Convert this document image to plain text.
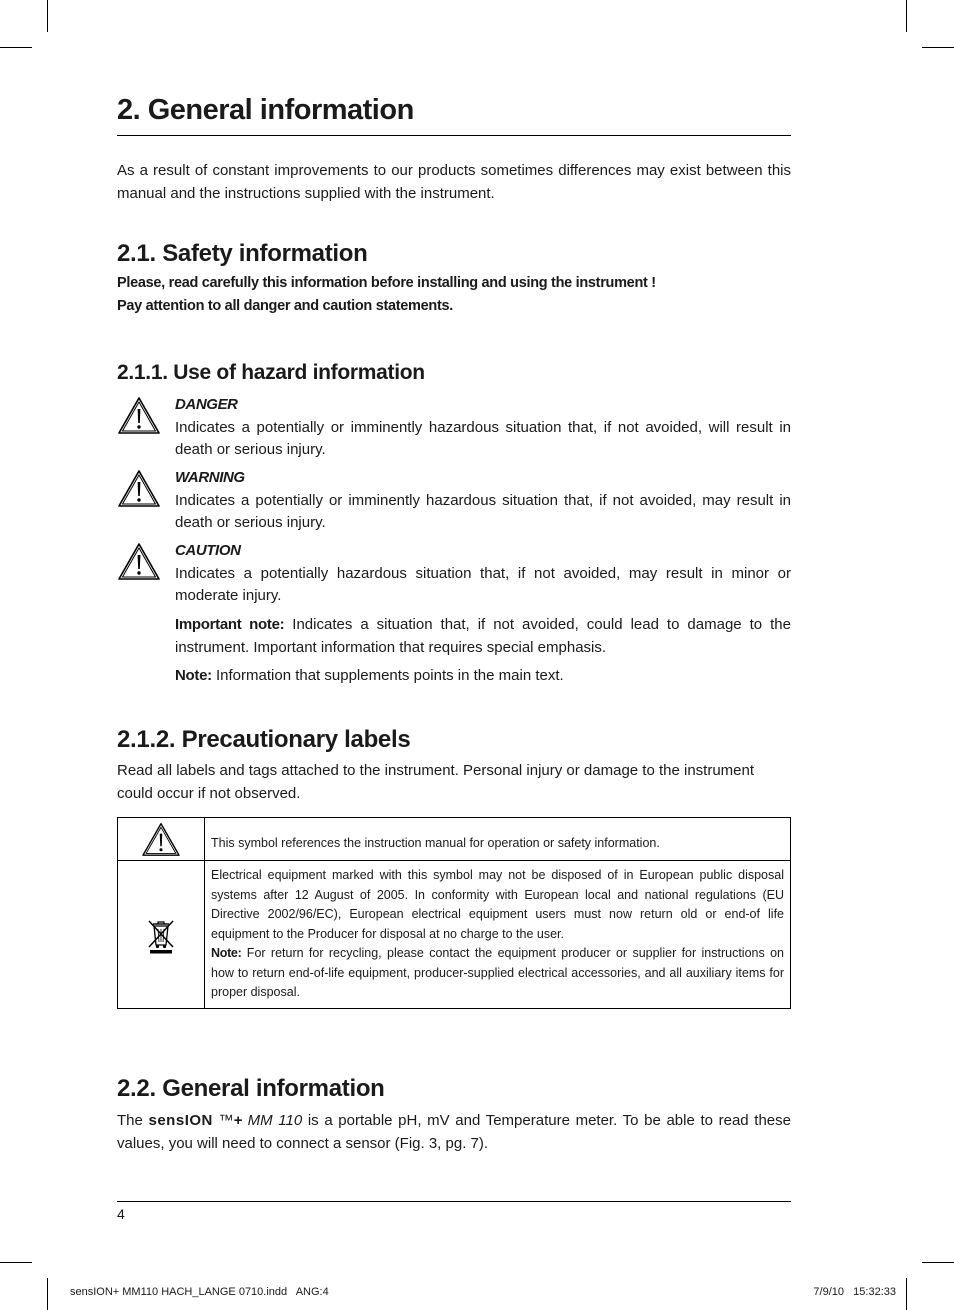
2. General information

As a result of constant improvements to our products sometimes differences may exist between this manual and the instructions supplied with the instrument.

2.1. Safety information

Please, read carefully this information before installing and using the instrument !

Pay attention to all danger and caution statements.

2.1.1. Use of hazard information
DANGER
Indicates a potentially or imminently hazardous situation that, if not avoided, will result in death or serious injury.
WARNING
Indicates a potentially or imminently hazardous situation that, if not avoided, may result in death or serious injury.
CAUTION
Indicates a potentially hazardous situation that, if not avoided, may result in minor or moderate injury.
Important note: Indicates a situation that, if not avoided, could lead to damage to the instrument. Important information that requires special emphasis.
Note: Information that supplements points in the main text.
2.1.2. Precautionary labels

Read all labels and tags attached to the instrument. Personal injury or damage to the instrument could occur if not observed.

	This symbol references the instruction manual for operation or safety information.

Electrical equipment marked with this symbol may not be disposed of in European public disposal systems after 12 August of 2005. In conformity with European local and national regulations (EU Directive 2002/96/EC), European electrical equipment users must now return old or end-of life equipment to the Producer for disposal at no charge to the user.
Note: For return for recycling, please contact the equipment producer or supplier for instructions on how to return end-of-life equipment, producer-supplied electrical accessories, and all auxiliary items for proper disposal.
2.2. General information

The sensION ™+ MM 110 is a portable pH, mV and Temperature meter. To be able to read these values, you will need to connect a sensor (Fig. 3, pg. 7).

4
sensION+ MM110 HACH_LANGE 0710.indd   ANG:4	7/9/10   15:32:33
